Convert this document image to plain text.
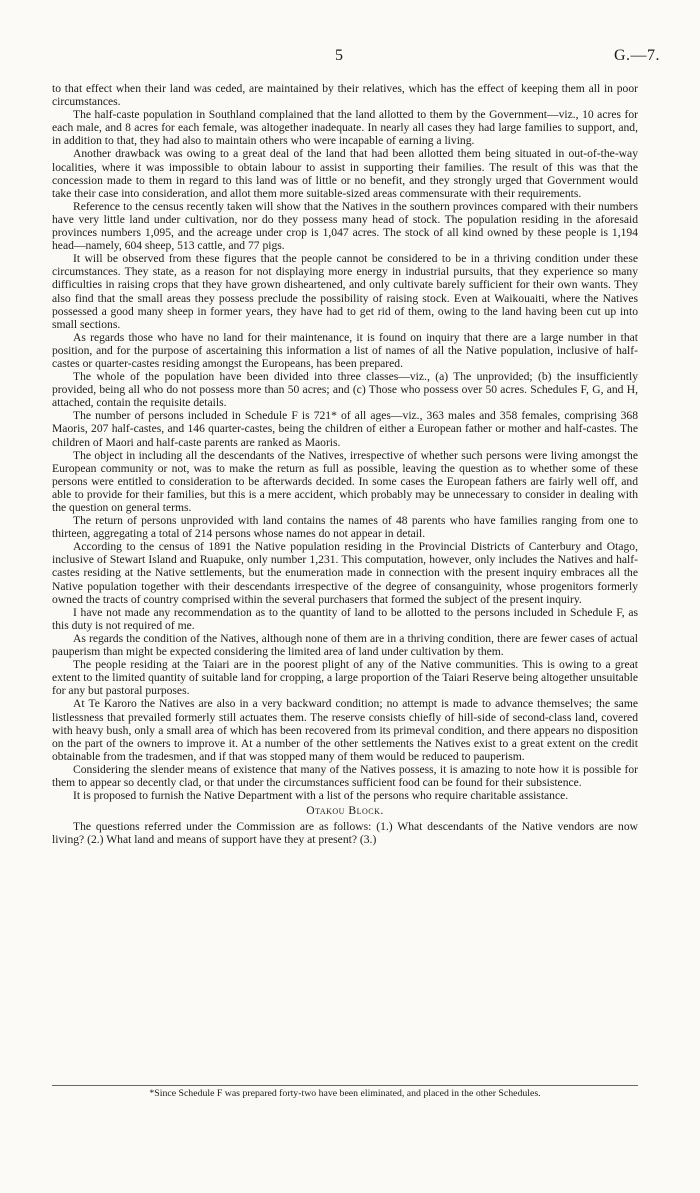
5	G.—7.

to that effect when their land was ceded, are maintained by their relatives, which has the effect of keeping them all in poor circumstances.

The half-caste population in Southland complained that the land allotted to them by the Government—viz., 10 acres for each male, and 8 acres for each female, was altogether inadequate. In nearly all cases they had large families to support, and, in addition to that, they had also to maintain others who were incapable of earning a living.

Another drawback was owing to a great deal of the land that had been allotted them being situated in out-of-the-way localities, where it was impossible to obtain labour to assist in supporting their families. The result of this was that the concession made to them in regard to this land was of little or no benefit, and they strongly urged that Government would take their case into consideration, and allot them more suitable-sized areas commensurate with their requirements.

Reference to the census recently taken will show that the Natives in the southern provinces compared with their numbers have very little land under cultivation, nor do they possess many head of stock. The population residing in the aforesaid provinces numbers 1,095, and the acreage under crop is 1,047 acres. The stock of all kind owned by these people is 1,194 head—namely, 604 sheep, 513 cattle, and 77 pigs.

It will be observed from these figures that the people cannot be considered to be in a thriving condition under these circumstances. They state, as a reason for not displaying more energy in industrial pursuits, that they experience so many difficulties in raising crops that they have grown disheartened, and only cultivate barely sufficient for their own wants. They also find that the small areas they possess preclude the possibility of raising stock. Even at Waikouaiti, where the Natives possessed a good many sheep in former years, they have had to get rid of them, owing to the land having been cut up into small sections.

As regards those who have no land for their maintenance, it is found on inquiry that there are a large number in that position, and for the purpose of ascertaining this information a list of names of all the Native population, inclusive of half-castes or quarter-castes residing amongst the Europeans, has been prepared.

The whole of the population have been divided into three classes—viz., (a) The unprovided; (b) the insufficiently provided, being all who do not possess more than 50 acres; and (c) Those who possess over 50 acres. Schedules F, G, and H, attached, contain the requisite details.

The number of persons included in Schedule F is 721* of all ages—viz., 363 males and 358 females, comprising 368 Maoris, 207 half-castes, and 146 quarter-castes, being the children of either a European father or mother and half-castes. The children of Maori and half-caste parents are ranked as Maoris.

The object in including all the descendants of the Natives, irrespective of whether such persons were living amongst the European community or not, was to make the return as full as possible, leaving the question as to whether some of these persons were entitled to consideration to be afterwards decided. In some cases the European fathers are fairly well off, and able to provide for their families, but this is a mere accident, which probably may be unnecessary to consider in dealing with the question on general terms.

The return of persons unprovided with land contains the names of 48 parents who have families ranging from one to thirteen, aggregating a total of 214 persons whose names do not appear in detail.

According to the census of 1891 the Native population residing in the Provincial Districts of Canterbury and Otago, inclusive of Stewart Island and Ruapuke, only number 1,231. This computation, however, only includes the Natives and half-castes residing at the Native settlements, but the enumeration made in connection with the present inquiry embraces all the Native population together with their descendants irrespective of the degree of consanguinity, whose progenitors formerly owned the tracts of country comprised within the several purchasers that formed the subject of the present inquiry.

I have not made any recommendation as to the quantity of land to be allotted to the persons included in Schedule F, as this duty is not required of me.

As regards the condition of the Natives, although none of them are in a thriving condition, there are fewer cases of actual pauperism than might be expected considering the limited area of land under cultivation by them.

The people residing at the Taiari are in the poorest plight of any of the Native communities. This is owing to a great extent to the limited quantity of suitable land for cropping, a large proportion of the Taiari Reserve being altogether unsuitable for any but pastoral purposes.

At Te Karoro the Natives are also in a very backward condition; no attempt is made to advance themselves; the same listlessness that prevailed formerly still actuates them. The reserve consists chiefly of hill-side of second-class land, covered with heavy bush, only a small area of which has been recovered from its primeval condition, and there appears no disposition on the part of the owners to improve it. At a number of the other settlements the Natives exist to a great extent on the credit obtainable from the tradesmen, and if that was stopped many of them would be reduced to pauperism.

Considering the slender means of existence that many of the Natives possess, it is amazing to note how it is possible for them to appear so decently clad, or that under the circumstances sufficient food can be found for their subsistence.

It is proposed to furnish the Native Department with a list of the persons who require charitable assistance.

Otakou Block.

The questions referred under the Commission are as follows: (1.) What descendants of the Native vendors are now living? (2.) What land and means of support have they at present? (3.)

*Since Schedule F was prepared forty-two have been eliminated, and placed in the other Schedules.
